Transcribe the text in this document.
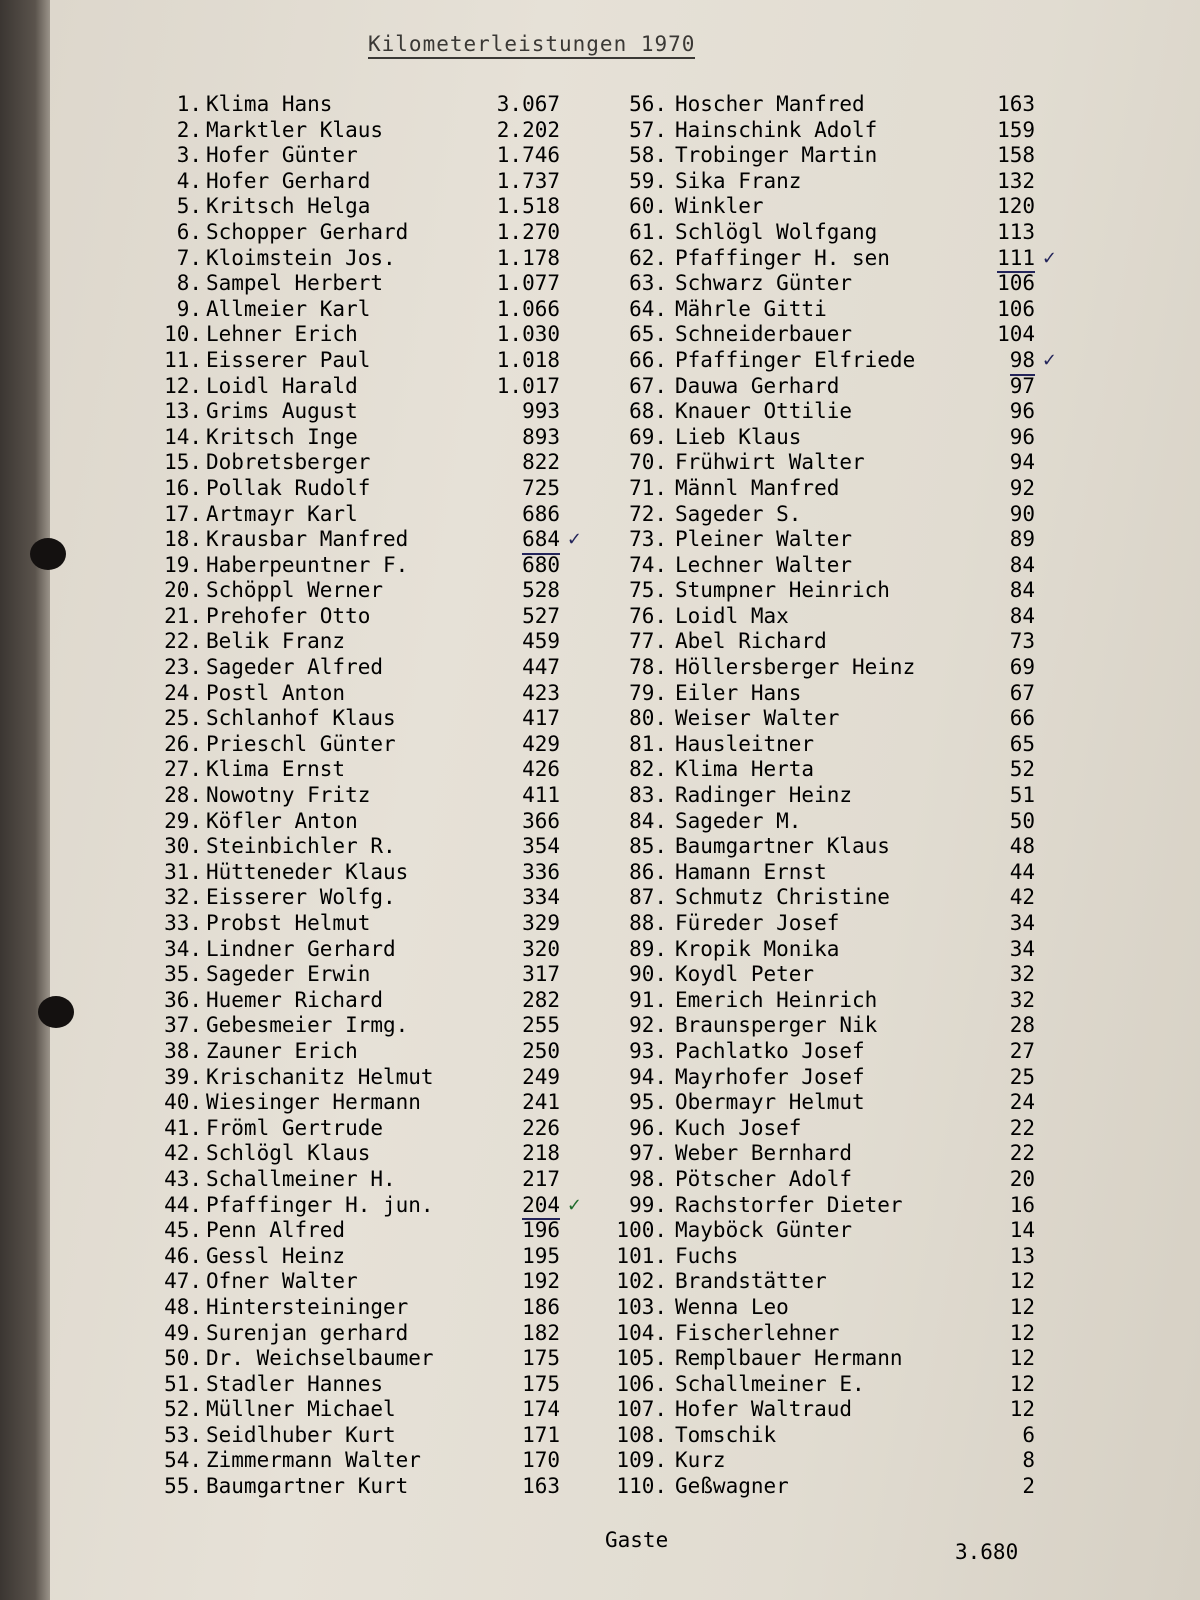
Kilometerleistungen 1970
1. Klima Hans	3.067
2. Marktler Klaus	2.202
3. Hofer Günter	1.746
4. Hofer Gerhard	1.737
5. Kritsch Helga	1.518
6. Schopper Gerhard	1.270
7. Kloimstein Jos.	1.178
8. Sampel Herbert	1.077
9. Allmeier Karl	1.066
10. Lehner Erich	1.030
11. Eisserer Paul	1.018
12. Loidl Harald	1.017
13. Grims August	993
14. Kritsch Inge	893
15. Dobretsberger	822
16. Pollak Rudolf	725
17. Artmayr Karl	686
✓
18. Krausbar Manfred	684
19. Haberpeuntner F.	680
20. Schöppl Werner	528
21. Prehofer Otto	527
22. Belik Franz	459
23. Sageder Alfred	447
24. Postl Anton	423
25. Schlanhof Klaus	417
26. Prieschl Günter	429
27. Klima Ernst	426
28. Nowotny Fritz	411
29. Köfler Anton	366
30. Steinbichler R.	354
31. Hütteneder Klaus	336
32. Eisserer Wolfg.	334
33. Probst Helmut	329
34. Lindner Gerhard	320
35. Sageder Erwin	317
36. Huemer Richard	282
37. Gebesmeier Irmg.	255
38. Zauner Erich	250
39. Krischanitz Helmut	249
40. Wiesinger Hermann	241
41. Fröml Gertrude	226
42. Schlögl Klaus	218
43. Schallmeiner H.	217
✓
44. Pfaffinger H. jun.	204
45. Penn Alfred	196
46. Gessl Heinz	195
47. Ofner Walter	192
48. Hintersteininger	186
49. Surenjan gerhard	182
50. Dr. Weichselbaumer	175
51. Stadler Hannes	175
52. Müllner Michael	174
53. Seidlhuber Kurt	171
54. Zimmermann Walter	170
55. Baumgartner Kurt	163
56. Hoscher Manfred	163
57. Hainschink Adolf	159
58. Trobinger Martin	158
59. Sika Franz	132
60. Winkler	120
61. Schlögl Wolfgang	113
✓
62. Pfaffinger H. sen	111
63. Schwarz Günter	106
64. Mährle Gitti	106
65. Schneiderbauer	104
✓
66. Pfaffinger Elfriede	98
67. Dauwa Gerhard	97
68. Knauer Ottilie	96
69. Lieb Klaus	96
70. Frühwirt Walter	94
71. Männl Manfred	92
72. Sageder S.	90
73. Pleiner Walter	89
74. Lechner Walter	84
75. Stumpner Heinrich	84
76. Loidl Max	84
77. Abel Richard	73
78. Höllersberger Heinz	69
79. Eiler Hans	67
80. Weiser Walter	66
81. Hausleitner	65
82. Klima Herta	52
83. Radinger Heinz	51
84. Sageder M.	50
85. Baumgartner Klaus	48
86. Hamann Ernst	44
87. Schmutz Christine	42
88. Füreder Josef	34
89. Kropik Monika	34
90. Koydl Peter	32
91. Emerich Heinrich	32
92. Braunsperger Nik	28
93. Pachlatko Josef	27
94. Mayrhofer Josef	25
95. Obermayr Helmut	24
96. Kuch Josef	22
97. Weber Bernhard	22
98. Pötscher Adolf	20
99. Rachstorfer Dieter	16
100. Mayböck Günter	14
101. Fuchs	13
102. Brandstätter	12
103. Wenna Leo	12
104. Fischerlehner	12
105. Remplbauer Hermann	12
106. Schallmeiner E.	12
107. Hofer Waltraud	12
108. Tomschik	6
109. Kurz	8
110. Geßwagner	2
Gaste	3.680
